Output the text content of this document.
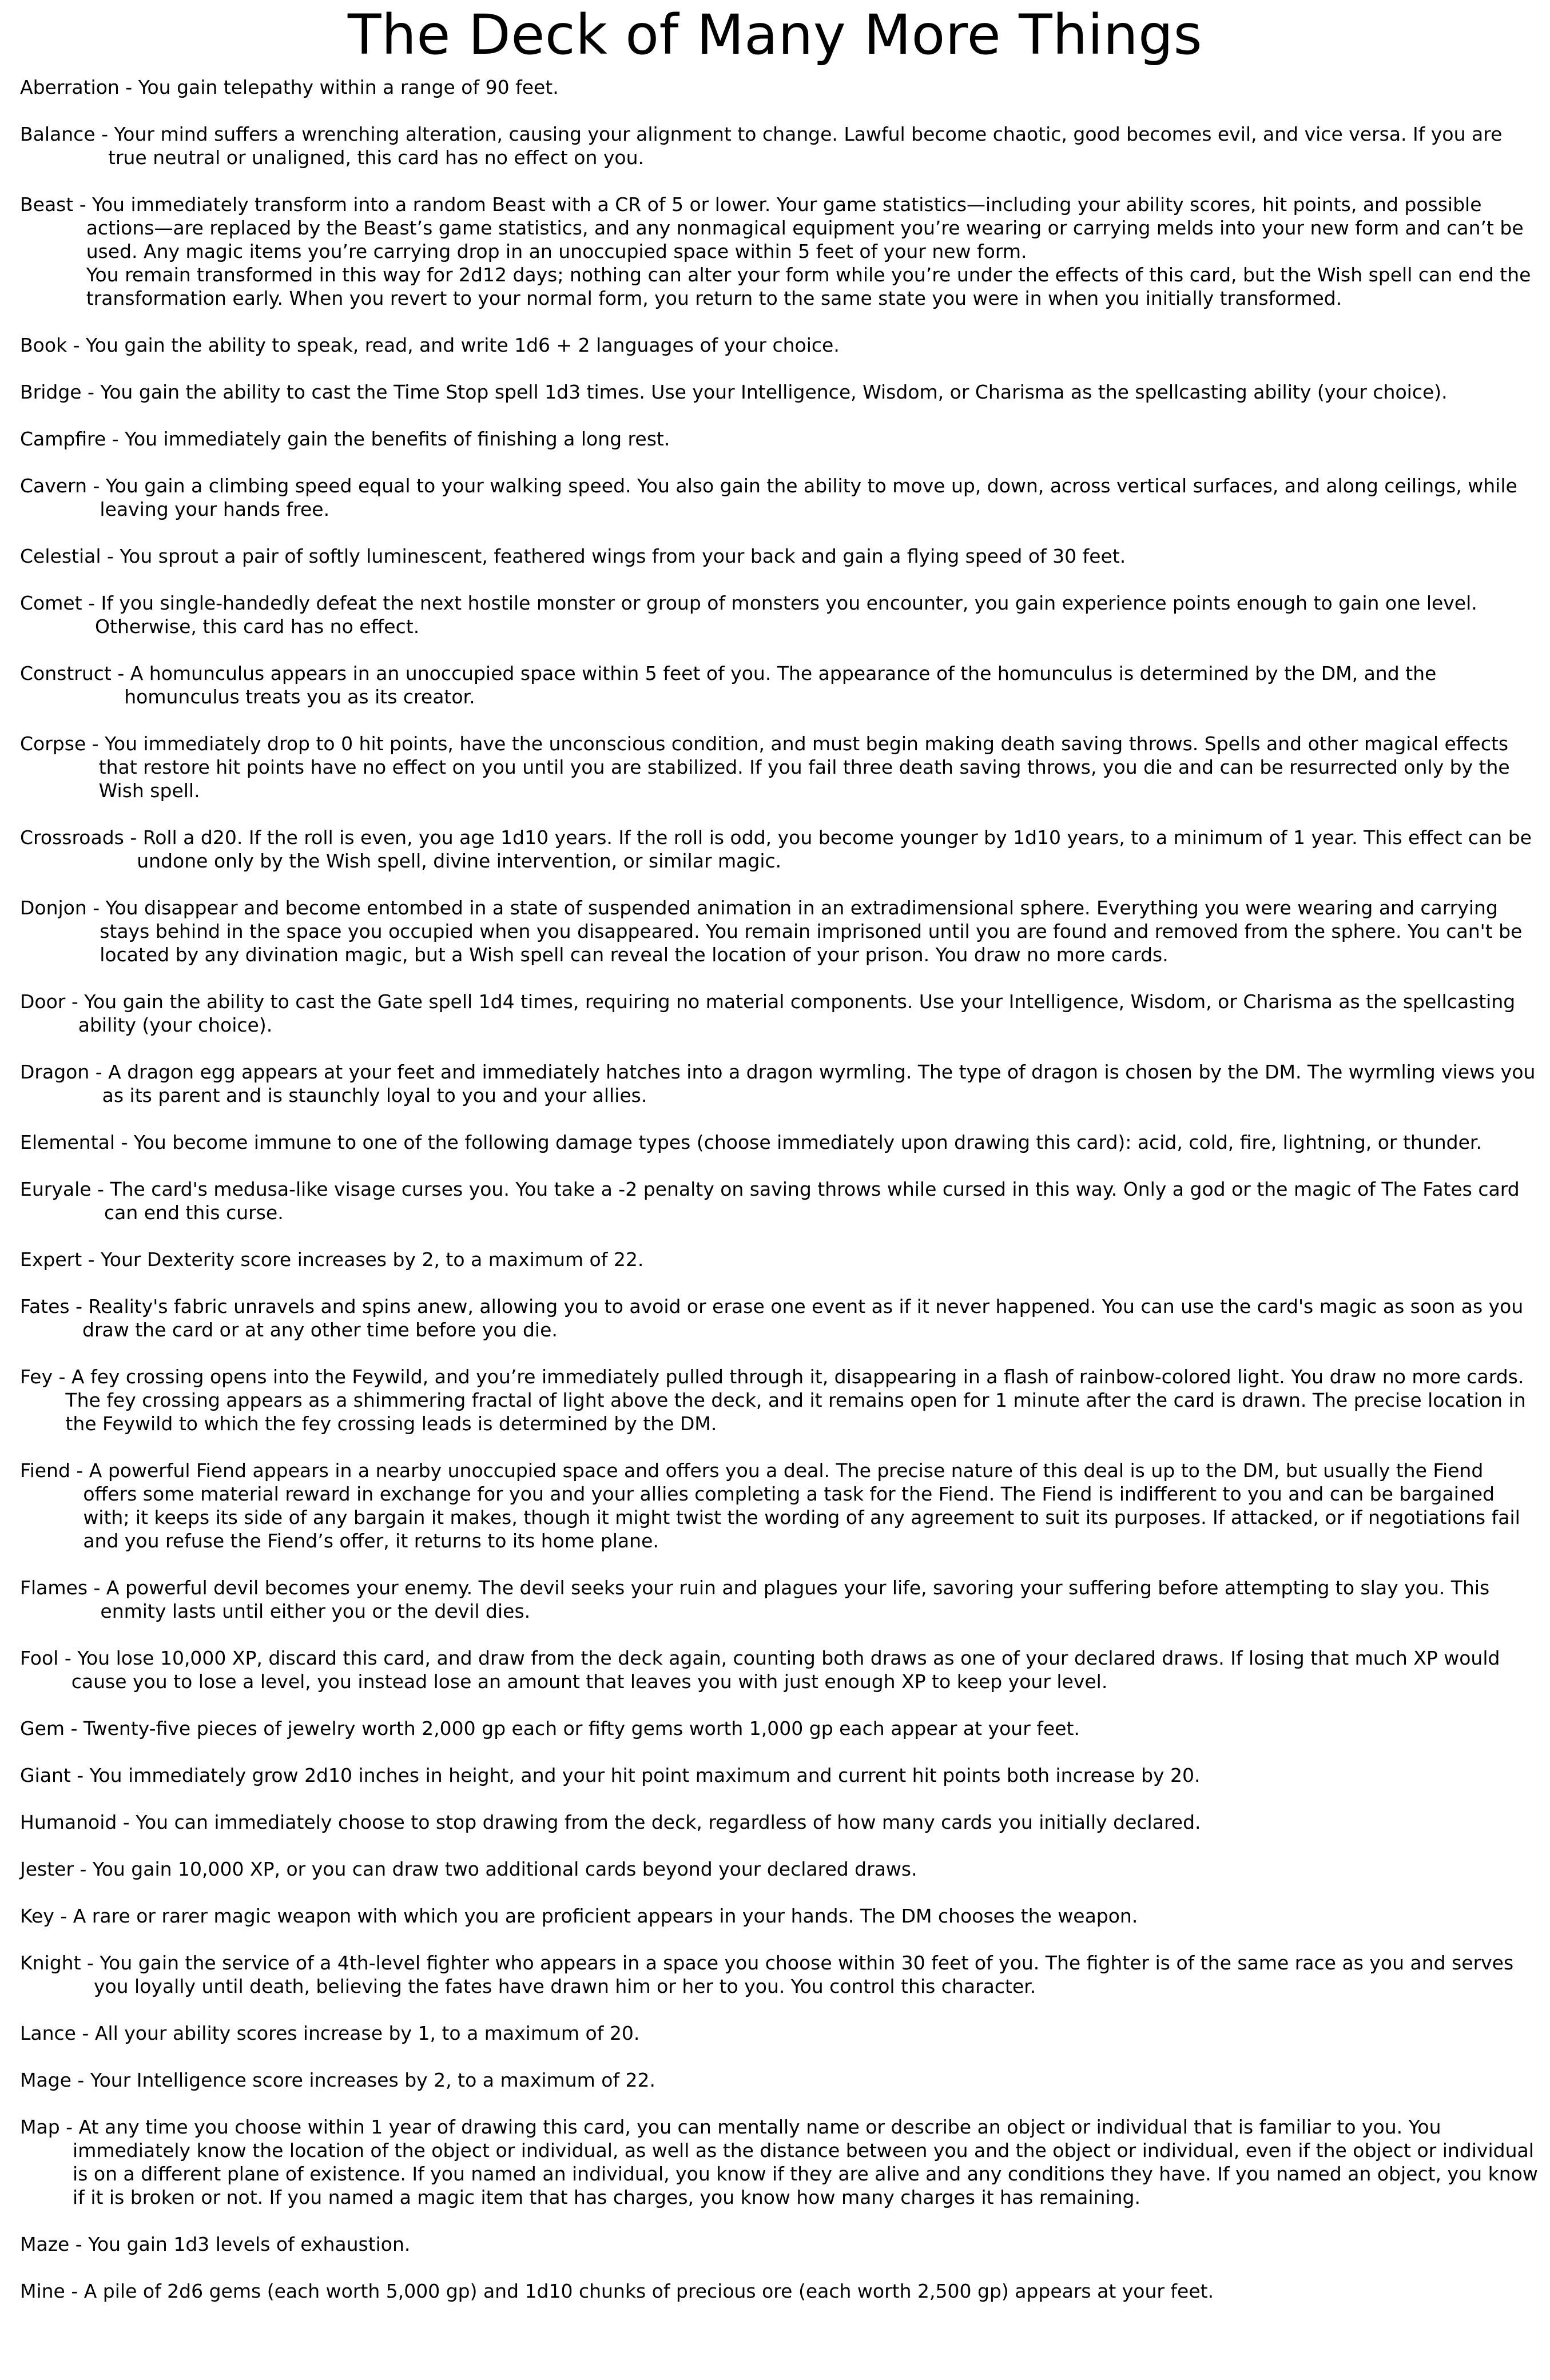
The Deck of Many More Things

Aberration - You gain telepathy within a range of 90 feet.

Balance - Your mind suffers a wrenching alteration, causing your alignment to change. Lawful become chaotic, good becomes evil, and vice versa. If you are true neutral or unaligned, this card has no effect on you.

Beast - You immediately transform into a random Beast with a CR of 5 or lower. Your game statistics—including your ability scores, hit points, and possible actions—are replaced by the Beast’s game statistics, and any nonmagical equipment you’re wearing or carrying melds into your new form and can’t be used. Any magic items you’re carrying drop in an unoccupied space within 5 feet of your new form.

You remain transformed in this way for 2d12 days; nothing can alter your form while you’re under the effects of this card, but the Wish spell can end the transformation early. When you revert to your normal form, you return to the same state you were in when you initially transformed.

Book - You gain the ability to speak, read, and write 1d6 + 2 languages of your choice.

Bridge - You gain the ability to cast the Time Stop spell 1d3 times. Use your Intelligence, Wisdom, or Charisma as the spellcasting ability (your choice).

Campfire - You immediately gain the benefits of finishing a long rest.

Cavern - You gain a climbing speed equal to your walking speed. You also gain the ability to move up, down, across vertical surfaces, and along ceilings, while leaving your hands free.

Celestial - You sprout a pair of softly luminescent, feathered wings from your back and gain a flying speed of 30 feet.

Comet - If you single-handedly defeat the next hostile monster or group of monsters you encounter, you gain experience points enough to gain one level. Otherwise, this card has no effect.

Construct - A homunculus appears in an unoccupied space within 5 feet of you. The appearance of the homunculus is determined by the DM, and the homunculus treats you as its creator.

Corpse - You immediately drop to 0 hit points, have the unconscious condition, and must begin making death saving throws. Spells and other magical effects that restore hit points have no effect on you until you are stabilized. If you fail three death saving throws, you die and can be resurrected only by the Wish spell.

Crossroads - Roll a d20. If the roll is even, you age 1d10 years. If the roll is odd, you become younger by 1d10 years, to a minimum of 1 year. This effect can be undone only by the Wish spell, divine intervention, or similar magic.

Donjon - You disappear and become entombed in a state of suspended animation in an extradimensional sphere. Everything you were wearing and carrying stays behind in the space you occupied when you disappeared. You remain imprisoned until you are found and removed from the sphere. You can't be located by any divination magic, but a Wish spell can reveal the location of your prison. You draw no more cards.

Door - You gain the ability to cast the Gate spell 1d4 times, requiring no material components. Use your Intelligence, Wisdom, or Charisma as the spellcasting ability (your choice).

Dragon - A dragon egg appears at your feet and immediately hatches into a dragon wyrmling. The type of dragon is chosen by the DM. The wyrmling views you as its parent and is staunchly loyal to you and your allies.

Elemental - You become immune to one of the following damage types (choose immediately upon drawing this card): acid, cold, fire, lightning, or thunder.

Euryale - The card's medusa-like visage curses you. You take a -2 penalty on saving throws while cursed in this way. Only a god or the magic of The Fates card can end this curse.

Expert - Your Dexterity score increases by 2, to a maximum of 22.

Fates - Reality's fabric unravels and spins anew, allowing you to avoid or erase one event as if it never happened. You can use the card's magic as soon as you draw the card or at any other time before you die.

Fey - A fey crossing opens into the Feywild, and you’re immediately pulled through it, disappearing in a flash of rainbow-colored light. You draw no more cards.

The fey crossing appears as a shimmering fractal of light above the deck, and it remains open for 1 minute after the card is drawn. The precise location in the Feywild to which the fey crossing leads is determined by the DM.

Fiend - A powerful Fiend appears in a nearby unoccupied space and offers you a deal. The precise nature of this deal is up to the DM, but usually the Fiend offers some material reward in exchange for you and your allies completing a task for the Fiend. The Fiend is indifferent to you and can be bargained with; it keeps its side of any bargain it makes, though it might twist the wording of any agreement to suit its purposes. If attacked, or if negotiations fail and you refuse the Fiend’s offer, it returns to its home plane.

Flames - A powerful devil becomes your enemy. The devil seeks your ruin and plagues your life, savoring your suffering before attempting to slay you. This enmity lasts until either you or the devil dies.

Fool - You lose 10,000 XP, discard this card, and draw from the deck again, counting both draws as one of your declared draws. If losing that much XP would cause you to lose a level, you instead lose an amount that leaves you with just enough XP to keep your level.

Gem - Twenty-five pieces of jewelry worth 2,000 gp each or fifty gems worth 1,000 gp each appear at your feet.

Giant - You immediately grow 2d10 inches in height, and your hit point maximum and current hit points both increase by 20.

Humanoid - You can immediately choose to stop drawing from the deck, regardless of how many cards you initially declared.

Jester - You gain 10,000 XP, or you can draw two additional cards beyond your declared draws.

Key - A rare or rarer magic weapon with which you are proficient appears in your hands. The DM chooses the weapon.

Knight - You gain the service of a 4th-level fighter who appears in a space you choose within 30 feet of you. The fighter is of the same race as you and serves you loyally until death, believing the fates have drawn him or her to you. You control this character.

Lance - All your ability scores increase by 1, to a maximum of 20.

Mage - Your Intelligence score increases by 2, to a maximum of 22.

Map - At any time you choose within 1 year of drawing this card, you can mentally name or describe an object or individual that is familiar to you. You immediately know the location of the object or individual, as well as the distance between you and the object or individual, even if the object or individual is on a different plane of existence. If you named an individual, you know if they are alive and any conditions they have. If you named an object, you know if it is broken or not. If you named a magic item that has charges, you know how many charges it has remaining.

Maze - You gain 1d3 levels of exhaustion.

Mine - A pile of 2d6 gems (each worth 5,000 gp) and 1d10 chunks of precious ore (each worth 2,500 gp) appears at your feet.
